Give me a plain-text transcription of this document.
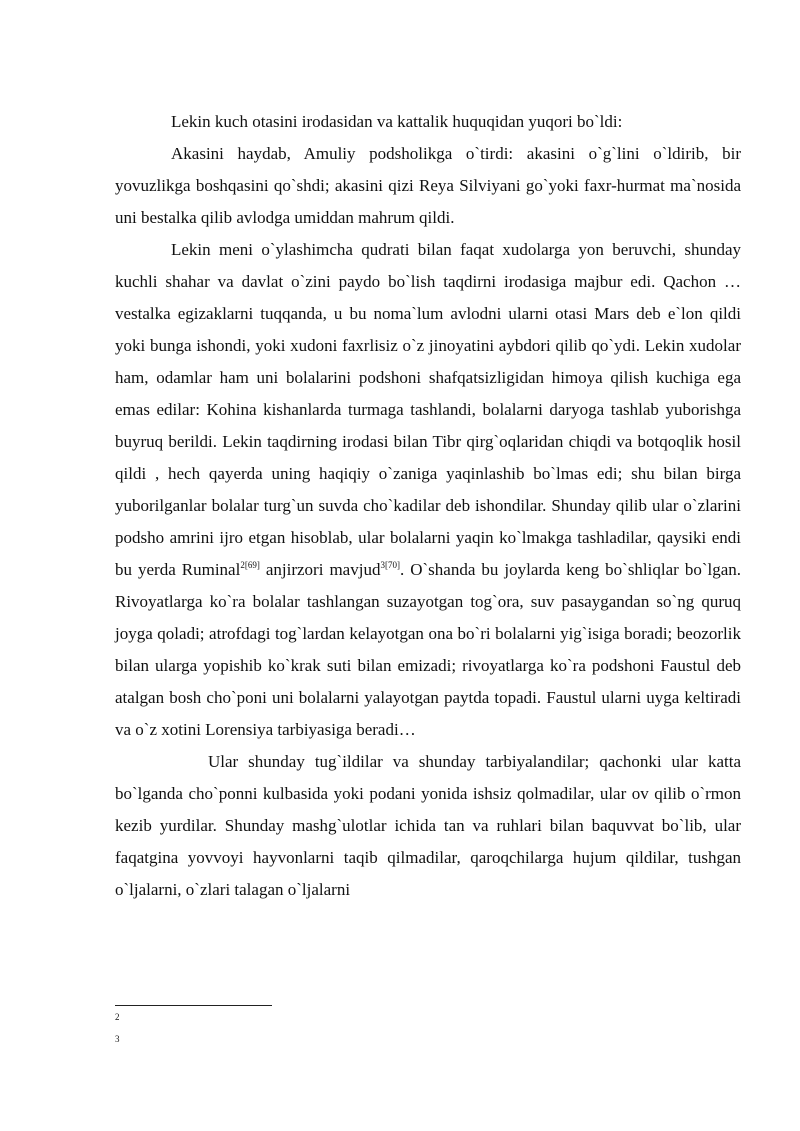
Lekin kuch otasini irodasidan va kattalik huquqidan yuqori bo`ldi:

Akasini haydab, Amuliy podsholikga o`tirdi: akasini o`g`lini o`ldirib, bir yovuzlikga boshqasini qo`shdi; akasini qizi Reya Silviyani go`yoki faxr-hurmat ma`nosida uni bestalka qilib avlodga umiddan mahrum qildi.

Lekin meni o`ylashimcha qudrati bilan faqat xudolarga yon beruvchi, shunday kuchli shahar va davlat o`zini paydo bo`lish taqdirni irodasiga majbur edi. Qachon … vestalka egizaklarni tuqqanda, u bu noma`lum avlodni ularni otasi Mars deb e`lon qildi yoki bunga ishondi, yoki xudoni faxrlisiz o`z jinoyatini aybdori qilib qo`ydi. Lekin xudolar ham, odamlar ham uni bolalarini podshoni shafqatsizligidan himoya qilish kuchiga ega emas edilar: Kohina kishanlarda turmaga tashlandi, bolalarni daryoga tashlab yuborishga buyruq berildi. Lekin taqdirning irodasi bilan Tibr qirg`oqlaridan chiqdi va botqoqlik hosil qildi , hech qayerda uning haqiqiy o`zaniga yaqinlashib bo`lmas edi; shu bilan birga yuborilganlar bolalar turg`un suvda cho`kadilar deb ishondilar. Shunday qilib ular o`zlarini podsho amrini ijro etgan hisoblab, ular bolalarni yaqin ko`lmakga tashladilar, qaysiki endi bu yerda Ruminal$^{2[69]}$ anjirzori mavjud$^{3[70]}$. O`shanda bu joylarda keng bo`shliqlar bo`lgan. Rivoyatlarga ko`ra bolalar tashlangan suzayotgan tog`ora, suv pasaygandan so`ng quruq joyga qoladi; atrofdagi tog`lardan kelayotgan ona bo`ri bolalarni yig`isiga boradi; beozorlik bilan ularga yopishib ko`krak suti bilan emizadi; rivoyatlarga ko`ra podshoni Faustul deb atalgan bosh cho`poni uni bolalarni yalayotgan paytda topadi. Faustul ularni uyga keltiradi va o`z xotini Lorensiya tarbiyasiga beradi…

Ular shunday tug`ildilar va shunday tarbiyalandilar; qachonki ular katta bo`lganda cho`ponni kulbasida yoki podani yonida ishsiz qolmadilar, ular ov qilib o`rmon kezib yurdilar. Shunday mashg`ulotlar ichida tan va ruhlari bilan baquvvat bo`lib, ular faqatgina yovvoyi hayvonlarni taqib qilmadilar, qaroqchilarga hujum qildilar, tushgan o`ljalarni, o`zlari talagan o`ljalarni

2
3
